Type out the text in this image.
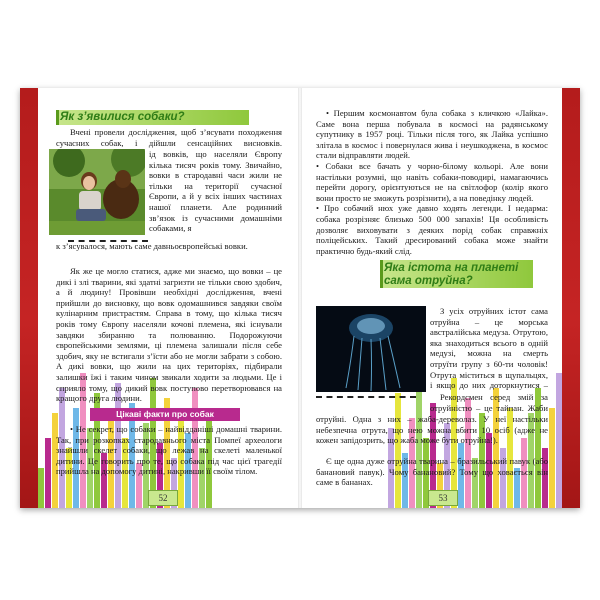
Як з’явилися собаки?

Вчені провели дослідження, щоб з’ясувати походження сучасних собак, і дійшли сенсаційних висновків.

ід вовків, що населяли Європу кількa тисяч років тому. Звичайно, вовки в стародавні часи жили не тільки на території сучасної Європи, а й у всіх інших частинах нашої планети. Але родинний зв’язок із сучасними домашніми собаками, я

к з’ясувалося, мають саме давньоєвропейські вовки.

Як же це могло статися, адже ми знаємо, що вовки – це дикі і злі тварини, які здатні загризти не тільки свою здобич, а й людину! Провівши необхідні дослідження, вчені прийшли до висновку, що вовк одомашнився завдяки своїм кулінарним пристрастям. Справа в тому, що кілька тисяч років тому Європу населяли кочові племена, які існували завдяки збиранню та полюванню. Подорожуючи європейськими землями, ці племена залишали після себе здобич, яку не встигали з’їсти або не могли забрати з собою. А дикі вовки, що жили на цих територіях, підбирали залишки їжі і таким чином звикали ходити за людьми. Це і сприяло тому, що дикий вовк поступово перетворювався на кращого друга людини.

Цікаві факти про собак

• Не секрет, що собаки – найвідданіші домашні тварини. Так, при розкопках стародавнього міста Помпеї археологи знайшли скелет собаки, що лежав на скелеті маленької дитини. Це говорить про те, що собака під час цієї трагедії прийшла на допомогу дитині, накривши її своїм тілом.

52

• Першим космонавтом була собака з кличкою «Лайка». Саме вона перша побувала в космосі на радянському супутнику в 1957 році. Тільки після того, як Лайка успішно злітала в космос і повернулася жива і неушкоджена, в космос стали відправляти людей.
• Собаки все бачать у чорно-білому кольорі. Але вони настільки розумні, що навіть собаки-поводирі, намагаючись перейти дорогу, орієнтуються не на світлофор (колір якого вони просто не зможуть розрізнити), а на поведінку людей.
• Про собачий нюх уже давно ходять легенди. І недарма: собака розрізняє близько 500 000 запахів! Ця особливість дозволяє виховувати з деяких порід собак справжніх поліцейських. Такий дресирований собака може знайти практично будь-який слід.

Яка істота на планеті сама отруйна?

З усіх отруйних істот сама отруйна – це морська австралійська медуза. Отрутою, яка знаходиться всього в одній медузі, можна на смерть отруїти групу з 60-ти чоловік! Отрута міститься в щупальцях, і якщо до них доторкнутися –

Рекордсмен серед змій за отруйністю – це тайпан. Жаби

отруйні. Одна з них – жаба-дереволаз. У неї настільки небезпечна отрута, що нею можна вбити 10 осіб (адже не кожен запідозрить, що жаба може бути отруйна!).

Є ще одна дуже отруйна тварина – бразильський павук (або банановий павук). Чому банановий? Тому що ховається він саме в бананах.

53
